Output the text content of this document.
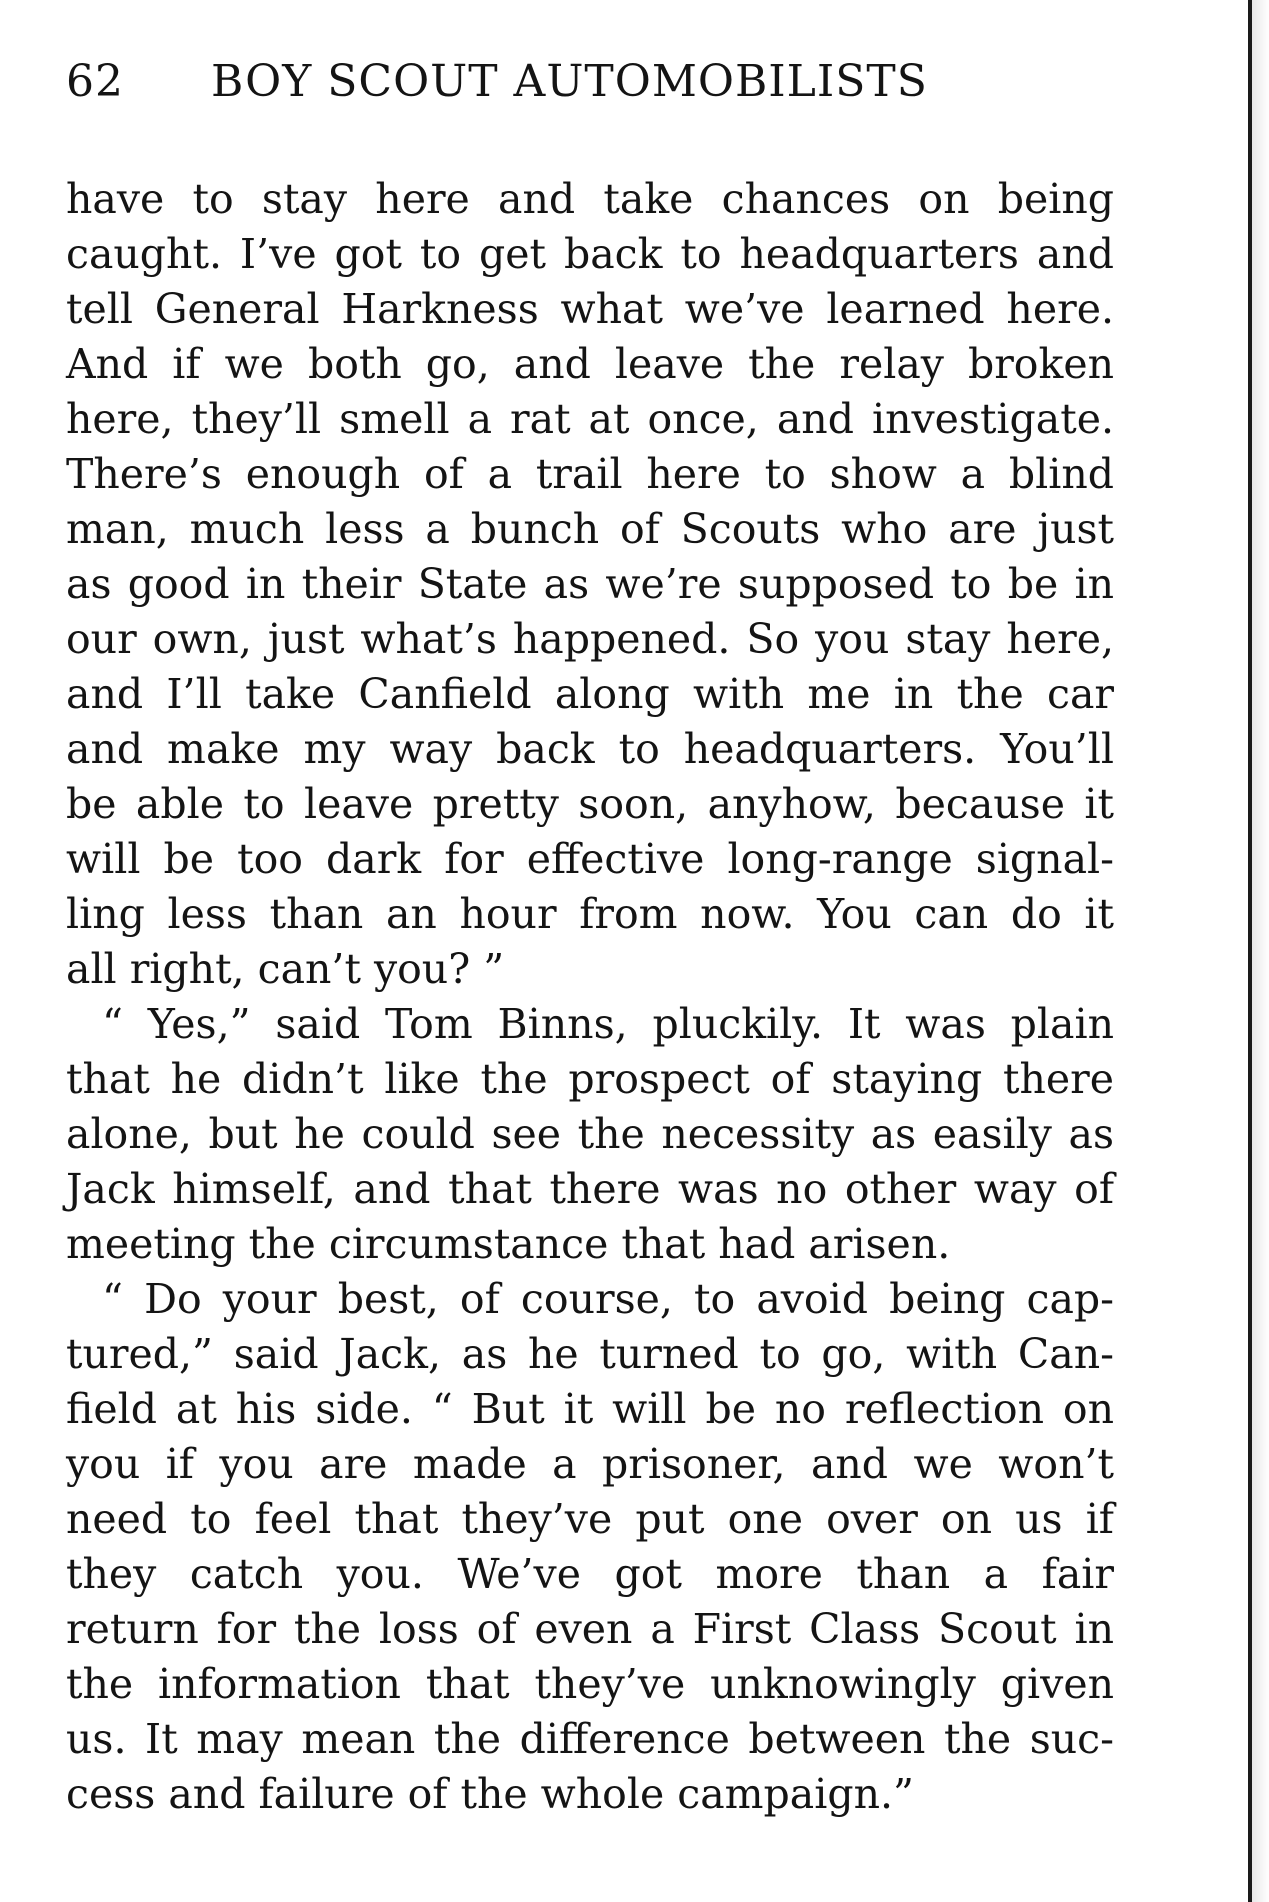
62 BOY SCOUT AUTOMOBILISTS
have to stay here and take chances on being
caught. I’ve got to get back to headquarters and
tell General Harkness what we’ve learned here.
And if we both go, and leave the relay broken
here, they’ll smell a rat at once, and investigate.
There’s enough of a trail here to show a blind
man, much less a bunch of Scouts who are just
as good in their State as we’re supposed to be in
our own, just what’s happened. So you stay here,
and I’ll take Canfield along with me in the car
and make my way back to headquarters. You’ll
be able to leave pretty soon, anyhow, because it
will be too dark for effective long-range signal-
ling less than an hour from now. You can do it
all right, can’t you? ”
“ Yes,” said Tom Binns, pluckily. It was plain
that he didn’t like the prospect of staying there
alone, but he could see the necessity as easily as
Jack himself, and that there was no other way of
meeting the circumstance that had arisen.
“ Do your best, of course, to avoid being cap-
tured,” said Jack, as he turned to go, with Can-
field at his side. “ But it will be no reflection on
you if you are made a prisoner, and we won’t
need to feel that they’ve put one over on us if
they catch you. We’ve got more than a fair
return for the loss of even a First Class Scout in
the information that they’ve unknowingly given
us. It may mean the difference between the suc-
cess and failure of the whole campaign.”
